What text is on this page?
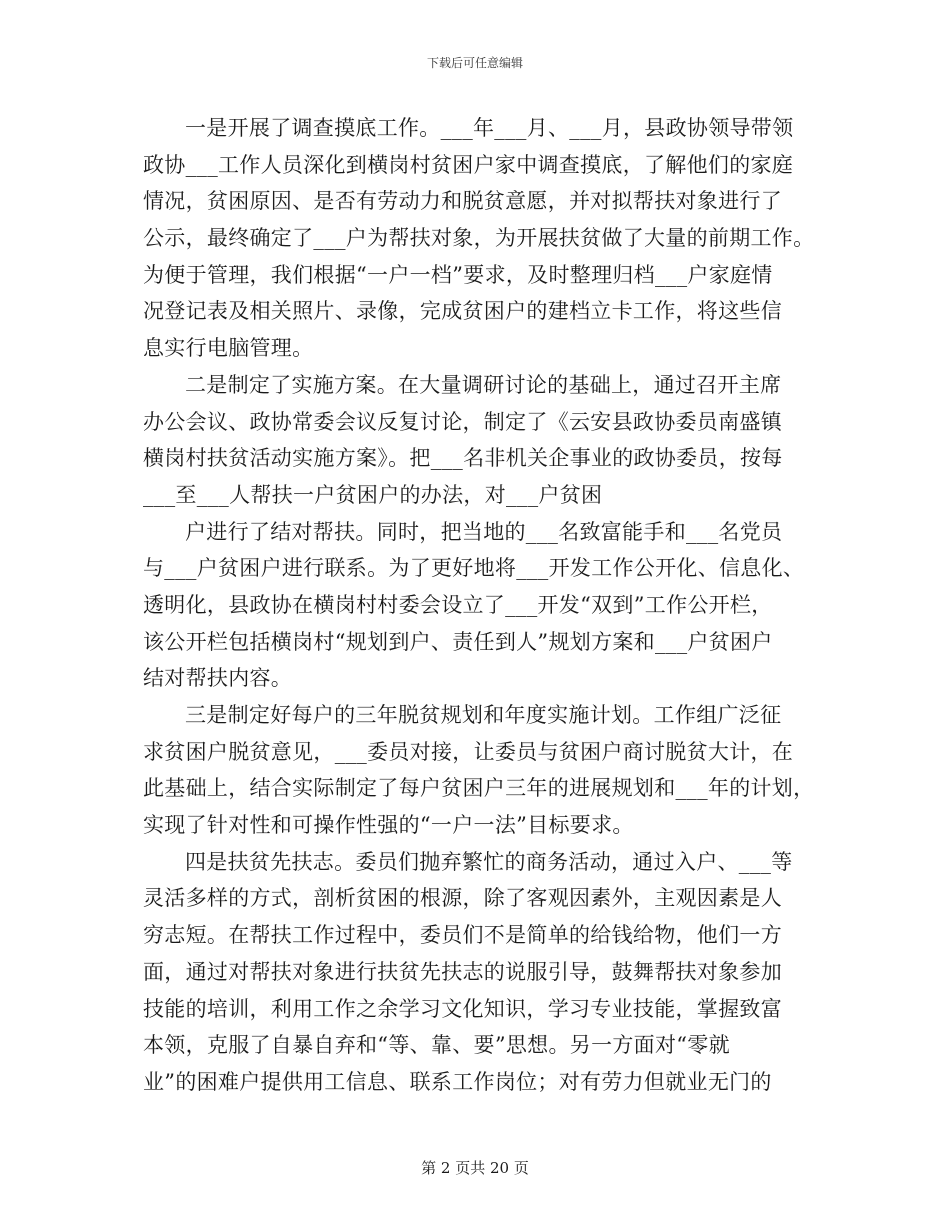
下载后可任意编辑
一是开展了调查摸底工作。___年___月、___月，县政协领导带领
政协___工作人员深化到横岗村贫困户家中调查摸底，了解他们的家庭
情况，贫困原因、是否有劳动力和脱贫意愿，并对拟帮扶对象进行了
公示，最终确定了___户为帮扶对象，为开展扶贫做了大量的前期工作。
为便于管理，我们根据“一户一档”要求，及时整理归档___户家庭情
况登记表及相关照片、录像，完成贫困户的建档立卡工作，将这些信
息实行电脑管理。
二是制定了实施方案。在大量调研讨论的基础上，通过召开主席
办公会议、政协常委会议反复讨论，制定了《云安县政协委员南盛镇
横岗村扶贫活动实施方案》。把___名非机关企事业的政协委员，按每
___至___人帮扶一户贫困户的办法，对___户贫困
户进行了结对帮扶。同时，把当地的___名致富能手和___名党员
与___户贫困户进行联系。为了更好地将___开发工作公开化、信息化、
透明化，县政协在横岗村村委会设立了___开发“双到”工作公开栏，
该公开栏包括横岗村“规划到户、责任到人”规划方案和___户贫困户
结对帮扶内容。
三是制定好每户的三年脱贫规划和年度实施计划。工作组广泛征
求贫困户脱贫意见，___委员对接，让委员与贫困户商讨脱贫大计，在
此基础上，结合实际制定了每户贫困户三年的进展规划和___年的计划，
实现了针对性和可操作性强的“一户一法”目标要求。
四是扶贫先扶志。委员们抛弃繁忙的商务活动，通过入户、___等
灵活多样的方式，剖析贫困的根源，除了客观因素外，主观因素是人
穷志短。在帮扶工作过程中，委员们不是简单的给钱给物，他们一方
面，通过对帮扶对象进行扶贫先扶志的说服引导，鼓舞帮扶对象参加
技能的培训，利用工作之余学习文化知识，学习专业技能，掌握致富
本领，克服了自暴自弃和“等、靠、要”思想。另一方面对“零就
业”的困难户提供用工信息、联系工作岗位；对有劳力但就业无门的
第 2 页共 20 页
